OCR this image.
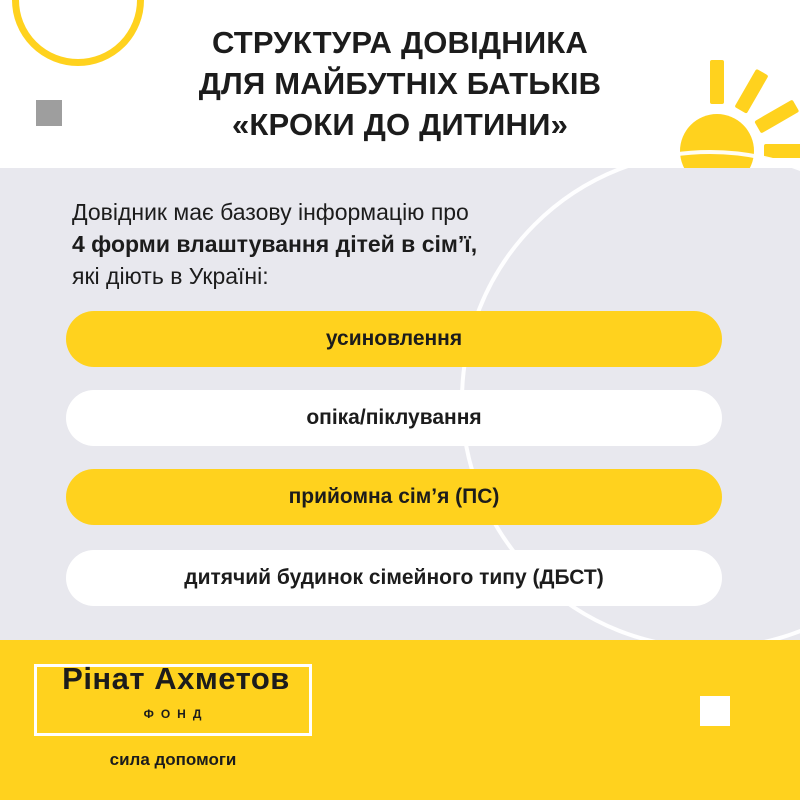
СТРУКТУРА ДОВІДНИКА
ДЛЯ МАЙБУТНІХ БАТЬКІВ
«КРОКИ ДО ДИТИНИ»
Довідник має базову інформацію про
4 форми влаштування дітей в сім’ї,
які діють в Україні:
усиновлення
опіка/піклування
прийомна сім’я (ПС)
дитячий будинок сімейного типу (ДБСТ)
Рінат Ахметов
ФОНД
сила допомоги
